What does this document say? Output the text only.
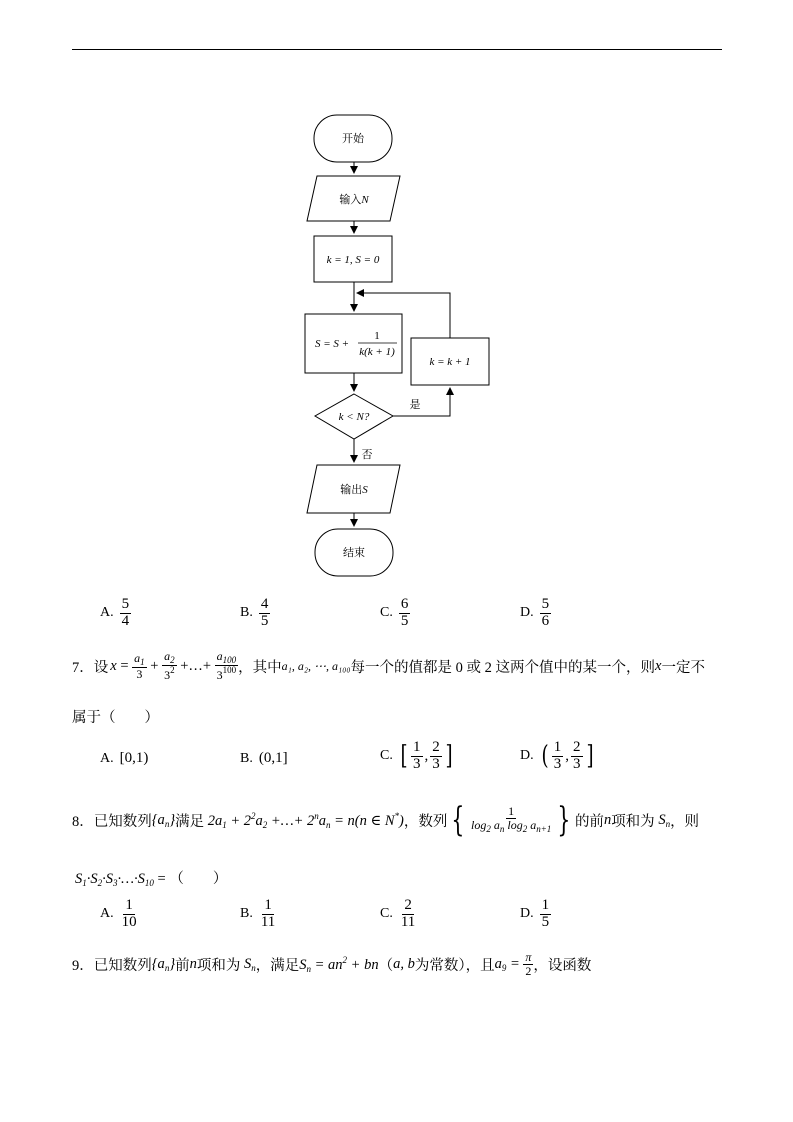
开始
输入N
k = 1, S = 0
S = S +
1
k(k + 1)
k = k + 1
k < N?
是
否
输出S
结束
A. $\frac{5}{4}$	B. $\frac{4}{5}$	C. $\frac{6}{5}$	D. $\frac{5}{6}$
7． 设 $x = \frac{a_1}{3} + \frac{a_2}{3^2}$ +…+ $\frac{a_{100}}{3^{100}}$ ，其中 a₁, a₂, ⋯, a₁₀₀ 每一个的值都是 0 或 2 这两个值中的某一个，则 x 一定不
属于（　　）
A. [0,1)	B. (0,1]	C. [ $\frac{1}{3}$ , $\frac{2}{3}$ ]	D. ( $\frac{1}{3}$ , $\frac{2}{3}$ ]
8． 已知数列 $\{a_n\}$ 满足 $2a_1 + 2^2a_2$ +…+ $2^na_n = n(n$ ∈ N*) ，数列 { $\frac{1}{\log_2 a_n \log_2 a_{n+1}}$ } 的前 n 项和为 $S_n$ ，则
$S_1\cdot S_2\cdot S_3\cdot\dots\cdot S_{10}$ = （　　）
A. $\frac{1}{10}$	B. $\frac{1}{11}$	C. $\frac{2}{11}$	D. $\frac{1}{5}$
9． 已知数列 $\{a_n\}$ 前 n 项和为 $S_n$ ，满足 $S_n = an^2$ + bn （ a, b 为常数），且 $a_9 = \frac{\pi}{2}$ ，设函数
